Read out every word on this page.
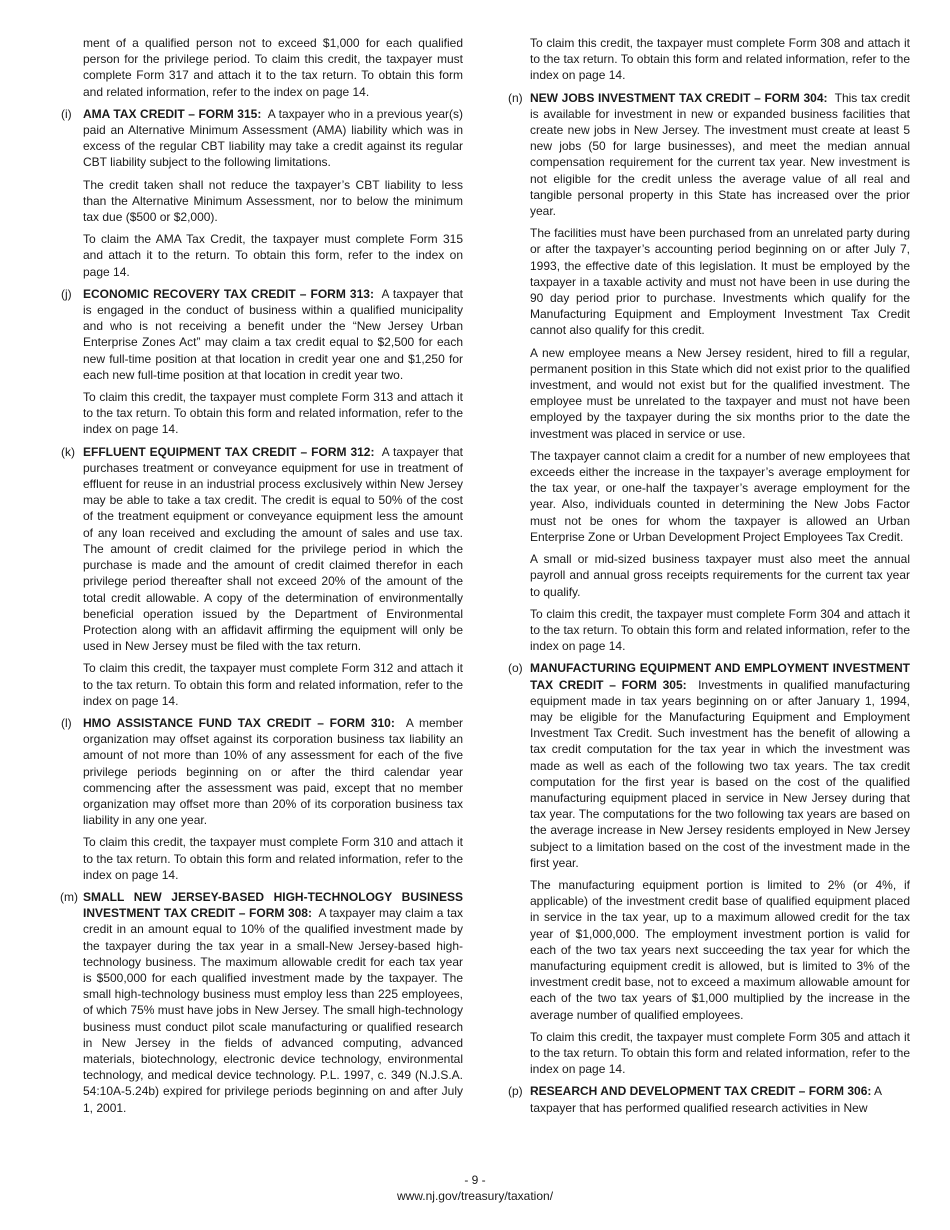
ment of a qualified person not to exceed $1,000 for each qualified person for the privilege period. To claim this credit, the taxpayer must complete Form 317 and attach it to the tax return. To obtain this form and related information, refer to the index on page 14.

(i) AMA TAX CREDIT – FORM 315: A taxpayer who in a previous year(s) paid an Alternative Minimum Assessment (AMA) liability which was in excess of the regular CBT liability may take a credit against its regular CBT liability subject to the following limitations.

The credit taken shall not reduce the taxpayer’s CBT liability to less than the Alternative Minimum Assessment, nor to below the minimum tax due ($500 or $2,000).

To claim the AMA Tax Credit, the taxpayer must complete Form 315 and attach it to the return. To obtain this form, refer to the index on page 14.

(j) ECONOMIC RECOVERY TAX CREDIT – FORM 313: A taxpayer that is engaged in the conduct of business within a qualified municipality and who is not receiving a benefit under the “New Jersey Urban Enterprise Zones Act” may claim a tax credit equal to $2,500 for each new full-time position at that location in credit year one and $1,250 for each new full-time position at that location in credit year two.

To claim this credit, the taxpayer must complete Form 313 and attach it to the tax return. To obtain this form and related information, refer to the index on page 14.

(k) EFFLUENT EQUIPMENT TAX CREDIT – FORM 312: A taxpayer that purchases treatment or conveyance equipment for use in treatment of effluent for reuse in an industrial process exclusively within New Jersey may be able to take a tax credit. The credit is equal to 50% of the cost of the treatment equipment or conveyance equipment less the amount of any loan received and excluding the amount of sales and use tax. The amount of credit claimed for the privilege period in which the purchase is made and the amount of credit claimed therefor in each privilege period thereafter shall not exceed 20% of the amount of the total credit allowable. A copy of the determination of environmentally beneficial operation issued by the Department of Environmental Protection along with an affidavit affirming the equipment will only be used in New Jersey must be filed with the tax return.

To claim this credit, the taxpayer must complete Form 312 and attach it to the tax return. To obtain this form and related information, refer to the index on page 14.

(l) HMO ASSISTANCE FUND TAX CREDIT – FORM 310: A member organization may offset against its corporation business tax liability an amount of not more than 10% of any assessment for each of the five privilege periods beginning on or after the third calendar year commencing after the assessment was paid, except that no member organization may offset more than 20% of its corporation business tax liability in any one year.

To claim this credit, the taxpayer must complete Form 310 and attach it to the tax return. To obtain this form and related information, refer to the index on page 14.

(m) SMALL NEW JERSEY-BASED HIGH-TECHNOLOGY BUSINESS INVESTMENT TAX CREDIT – FORM 308: A taxpayer may claim a tax credit in an amount equal to 10% of the qualified investment made by the taxpayer during the tax year in a small-New Jersey-based high-technology business. The maximum allowable credit for each tax year is $500,000 for each qualified investment made by the taxpayer. The small high-technology business must employ less than 225 employees, of which 75% must have jobs in New Jersey. The small high-technology business must conduct pilot scale manufacturing or qualified research in New Jersey in the fields of advanced computing, advanced materials, biotechnology, electronic device technology, environmental technology, and medical device technology. P.L. 1997, c. 349 (N.J.S.A. 54:10A-5.24b) expired for privilege periods beginning on and after July 1, 2001.

To claim this credit, the taxpayer must complete Form 308 and attach it to the tax return. To obtain this form and related information, refer to the index on page 14.

(n) NEW JOBS INVESTMENT TAX CREDIT – FORM 304: This tax credit is available for investment in new or expanded business facilities that create new jobs in New Jersey. The investment must create at least 5 new jobs (50 for large businesses), and meet the median annual compensation requirement for the current tax year. New investment is not eligible for the credit unless the average value of all real and tangible personal property in this State has increased over the prior year.

The facilities must have been purchased from an unrelated party during or after the taxpayer’s accounting period beginning on or after July 7, 1993, the effective date of this legislation. It must be employed by the taxpayer in a taxable activity and must not have been in use during the 90 day period prior to purchase. Investments which qualify for the Manufacturing Equipment and Employment Investment Tax Credit cannot also qualify for this credit.

A new employee means a New Jersey resident, hired to fill a regular, permanent position in this State which did not exist prior to the qualified investment, and would not exist but for the qualified investment. The employee must be unrelated to the taxpayer and must not have been employed by the taxpayer during the six months prior to the date the investment was placed in service or use.

The taxpayer cannot claim a credit for a number of new employees that exceeds either the increase in the taxpayer’s average employment for the tax year, or one-half the taxpayer’s average employment for the year. Also, individuals counted in determining the New Jobs Factor must not be ones for whom the taxpayer is allowed an Urban Enterprise Zone or Urban Development Project Employees Tax Credit.

A small or mid-sized business taxpayer must also meet the annual payroll and annual gross receipts requirements for the current tax year to qualify.

To claim this credit, the taxpayer must complete Form 304 and attach it to the tax return. To obtain this form and related information, refer to the index on page 14.

(o) MANUFACTURING EQUIPMENT AND EMPLOYMENT INVESTMENT TAX CREDIT – FORM 305: Investments in qualified manufacturing equipment made in tax years beginning on or after January 1, 1994, may be eligible for the Manufacturing Equipment and Employment Investment Tax Credit. Such investment has the benefit of allowing a tax credit computation for the tax year in which the investment was made as well as each of the following two tax years. The tax credit computation for the first year is based on the cost of the qualified manufacturing equipment placed in service in New Jersey during that tax year. The computations for the two following tax years are based on the average increase in New Jersey residents employed in New Jersey subject to a limitation based on the cost of the investment made in the first year.

The manufacturing equipment portion is limited to 2% (or 4%, if applicable) of the investment credit base of qualified equipment placed in service in the tax year, up to a maximum allowed credit for the tax year of $1,000,000. The employment investment portion is valid for each of the two tax years next succeeding the tax year for which the manufacturing equipment credit is allowed, but is limited to 3% of the investment credit base, not to exceed a maximum allowable amount for each of the two tax years of $1,000 multiplied by the increase in the average number of qualified employees.

To claim this credit, the taxpayer must complete Form 305 and attach it to the tax return. To obtain this form and related information, refer to the index on page 14.

(p) RESEARCH AND DEVELOPMENT TAX CREDIT – FORM 306: A taxpayer that has performed qualified research activities in New

- 9 -
www.nj.gov/treasury/taxation/
